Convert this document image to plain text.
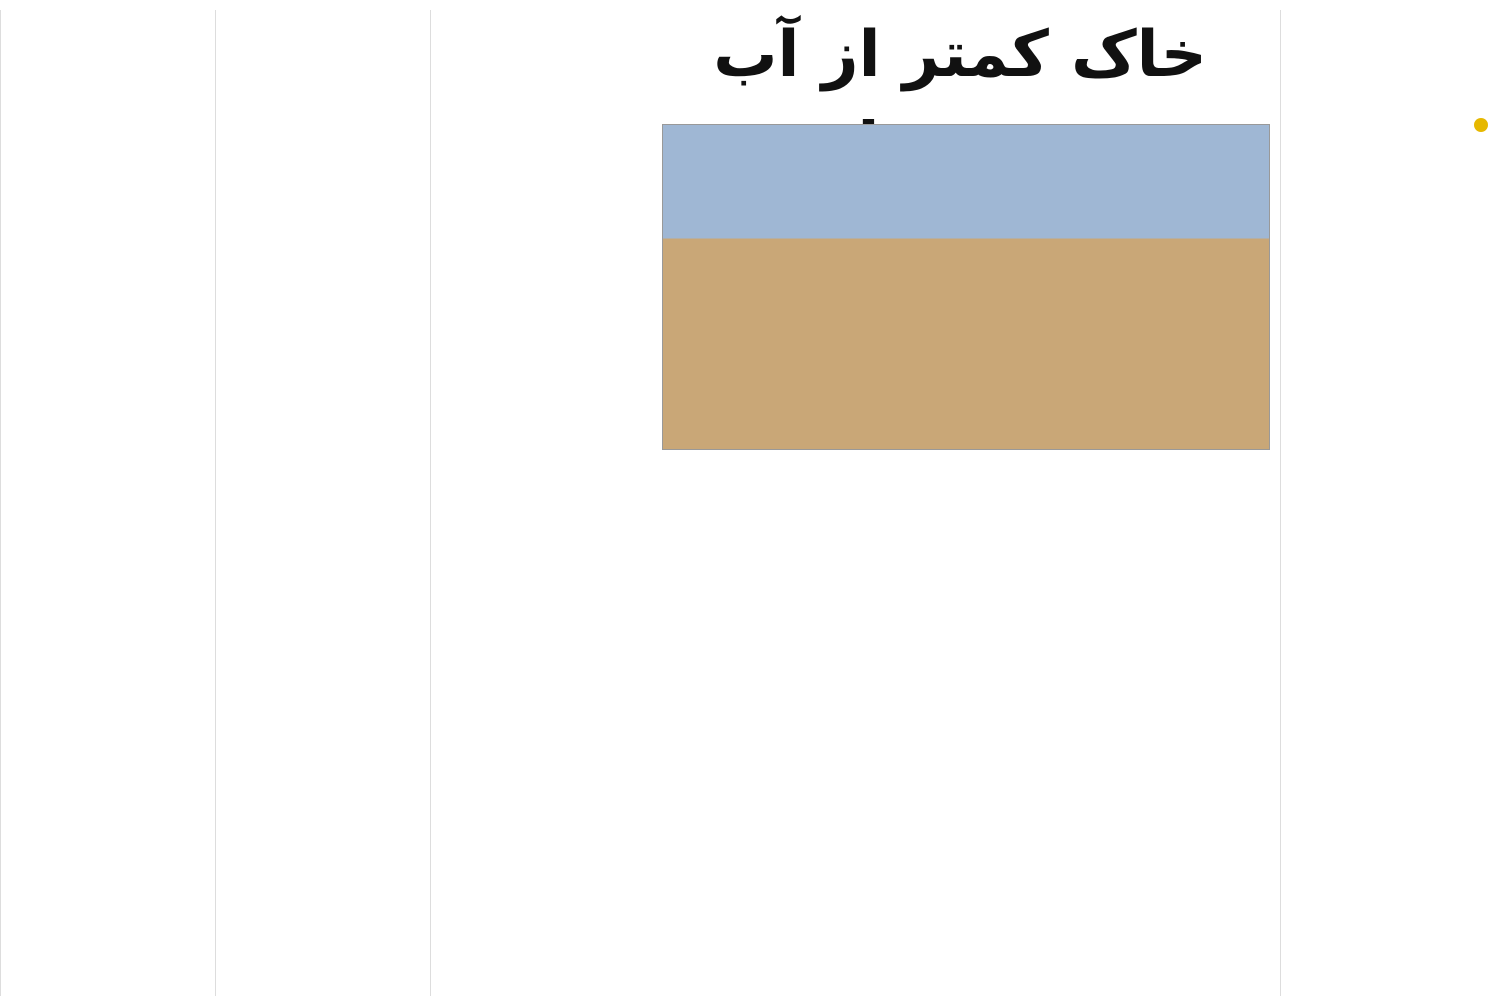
خاک کمتر از آب
